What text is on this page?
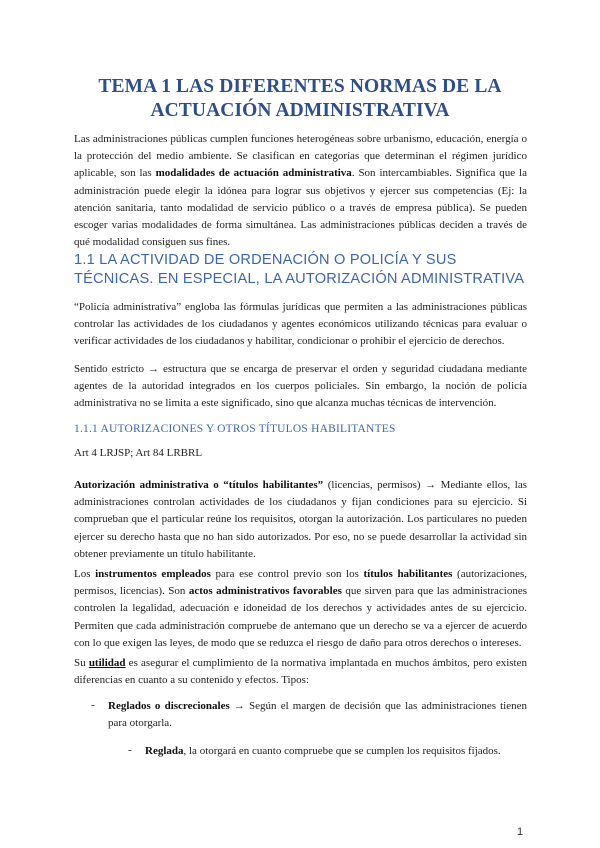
TEMA 1 LAS DIFERENTES NORMAS DE LA
ACTUACIÓN ADMINISTRATIVA

Las administraciones públicas cumplen funciones heterogéneas sobre urbanismo, educación, energía o la protección del medio ambiente. Se clasifican en categorías que determinan el régimen jurídico aplicable, son las modalidades de actuación administrativa. Son intercambiables. Significa que la administración puede elegir la idónea para lograr sus objetivos y ejercer sus competencias (Ej: la atención sanitaria, tanto modalidad de servicio público o a través de empresa pública). Se pueden escoger varias modalidades de forma simultánea. Las administraciones públicas deciden a través de qué modalidad consiguen sus fines.

1.1 LA ACTIVIDAD DE ORDENACIÓN O POLICÍA Y SUS TÉCNICAS. EN ESPECIAL, LA AUTORIZACIÓN ADMINISTRATIVA

“Policía administrativa” engloba las fórmulas jurídicas que permiten a las administraciones públicas controlar las actividades de los ciudadanos y agentes económicos utilizando técnicas para evaluar o verificar actividades de los ciudadanos y habilitar, condicionar o prohibir el ejercicio de derechos.

Sentido estricto → estructura que se encarga de preservar el orden y seguridad ciudadana mediante agentes de la autoridad integrados en los cuerpos policiales. Sin embargo, la noción de policía administrativa no se limita a este significado, sino que alcanza muchas técnicas de intervención.

1.1.1 AUTORIZACIONES Y OTROS TÍTULOS HABILITANTES

Art 4 LRJSP; Art 84 LRBRL

Autorización administrativa o “títulos habilitantes” (licencias, permisos) → Mediante ellos, las administraciones controlan actividades de los ciudadanos y fijan condiciones para su ejercicio. Si comprueban que el particular reúne los requisitos, otorgan la autorización. Los particulares no pueden ejercer su derecho hasta que no han sido autorizados. Por eso, no se puede desarrollar la actividad sin obtener previamente un título habilitante.

Los instrumentos empleados para ese control previo son los títulos habilitantes (autorizaciones, permisos, licencias). Son actos administrativos favorables que sirven para que las administraciones controlen la legalidad, adecuación e idoneidad de los derechos y actividades antes de su ejercicio. Permiten que cada administración compruebe de antemano que un derecho se va a ejercer de acuerdo con lo que exigen las leyes, de modo que se reduzca el riesgo de daño para otros derechos o intereses.

Su utilidad es asegurar el cumplimiento de la normativa implantada en muchos ámbitos, pero existen diferencias en cuanto a su contenido y efectos. Tipos:

- Reglados o discrecionales → Según el margen de decisión que las administraciones tienen para otorgarla.

- Reglada, la otorgará en cuanto compruebe que se cumplen los requisitos fijados.

1
